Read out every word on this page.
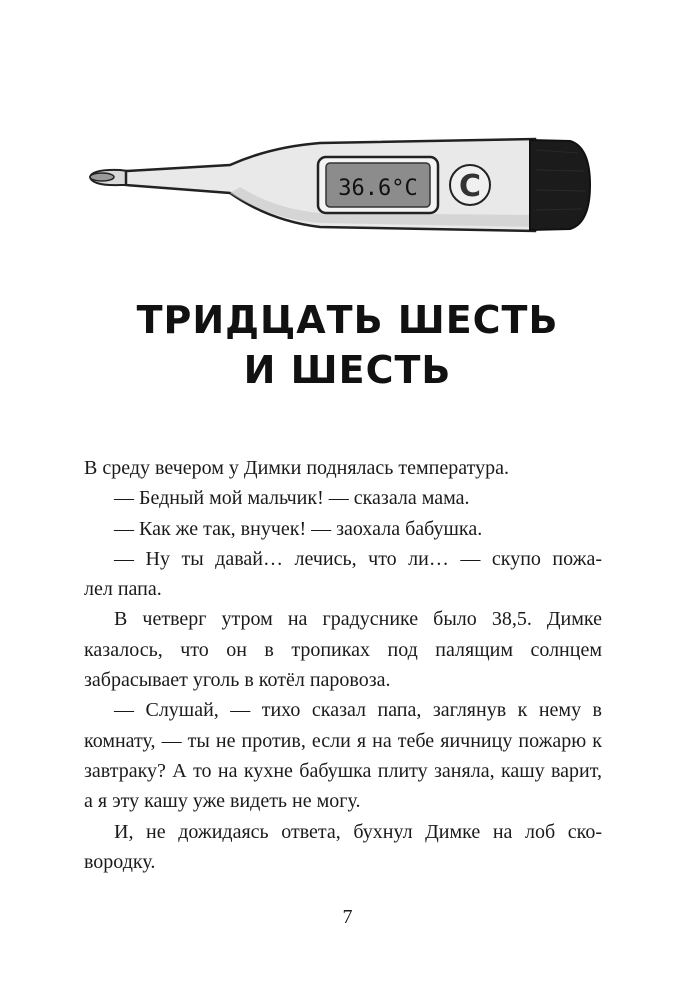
36.6°C C
ТРИДЦАТЬ ШЕСТЬ
И ШЕСТЬ

В среду вечером у Димки поднялась температура.

— Бедный мой мальчик! — сказала мама.

— Как же так, внучек! — заохала бабушка.

— Ну ты давай… лечись, что ли… — скупо пожа-
лел папа.

В четверг утром на градуснике было 38,5. Димке казалось, что он в тропиках под палящим солнцем забрасывает уголь в котёл паровоза.

— Слушай, — тихо сказал папа, заглянув к нему в комнату, — ты не против, если я на тебе яичницу пожарю к завтраку? А то на кухне бабушка плиту заняла, кашу варит, а я эту кашу уже видеть не могу.

И, не дожидаясь ответа, бухнул Димке на лоб ско-
вородку.

7
